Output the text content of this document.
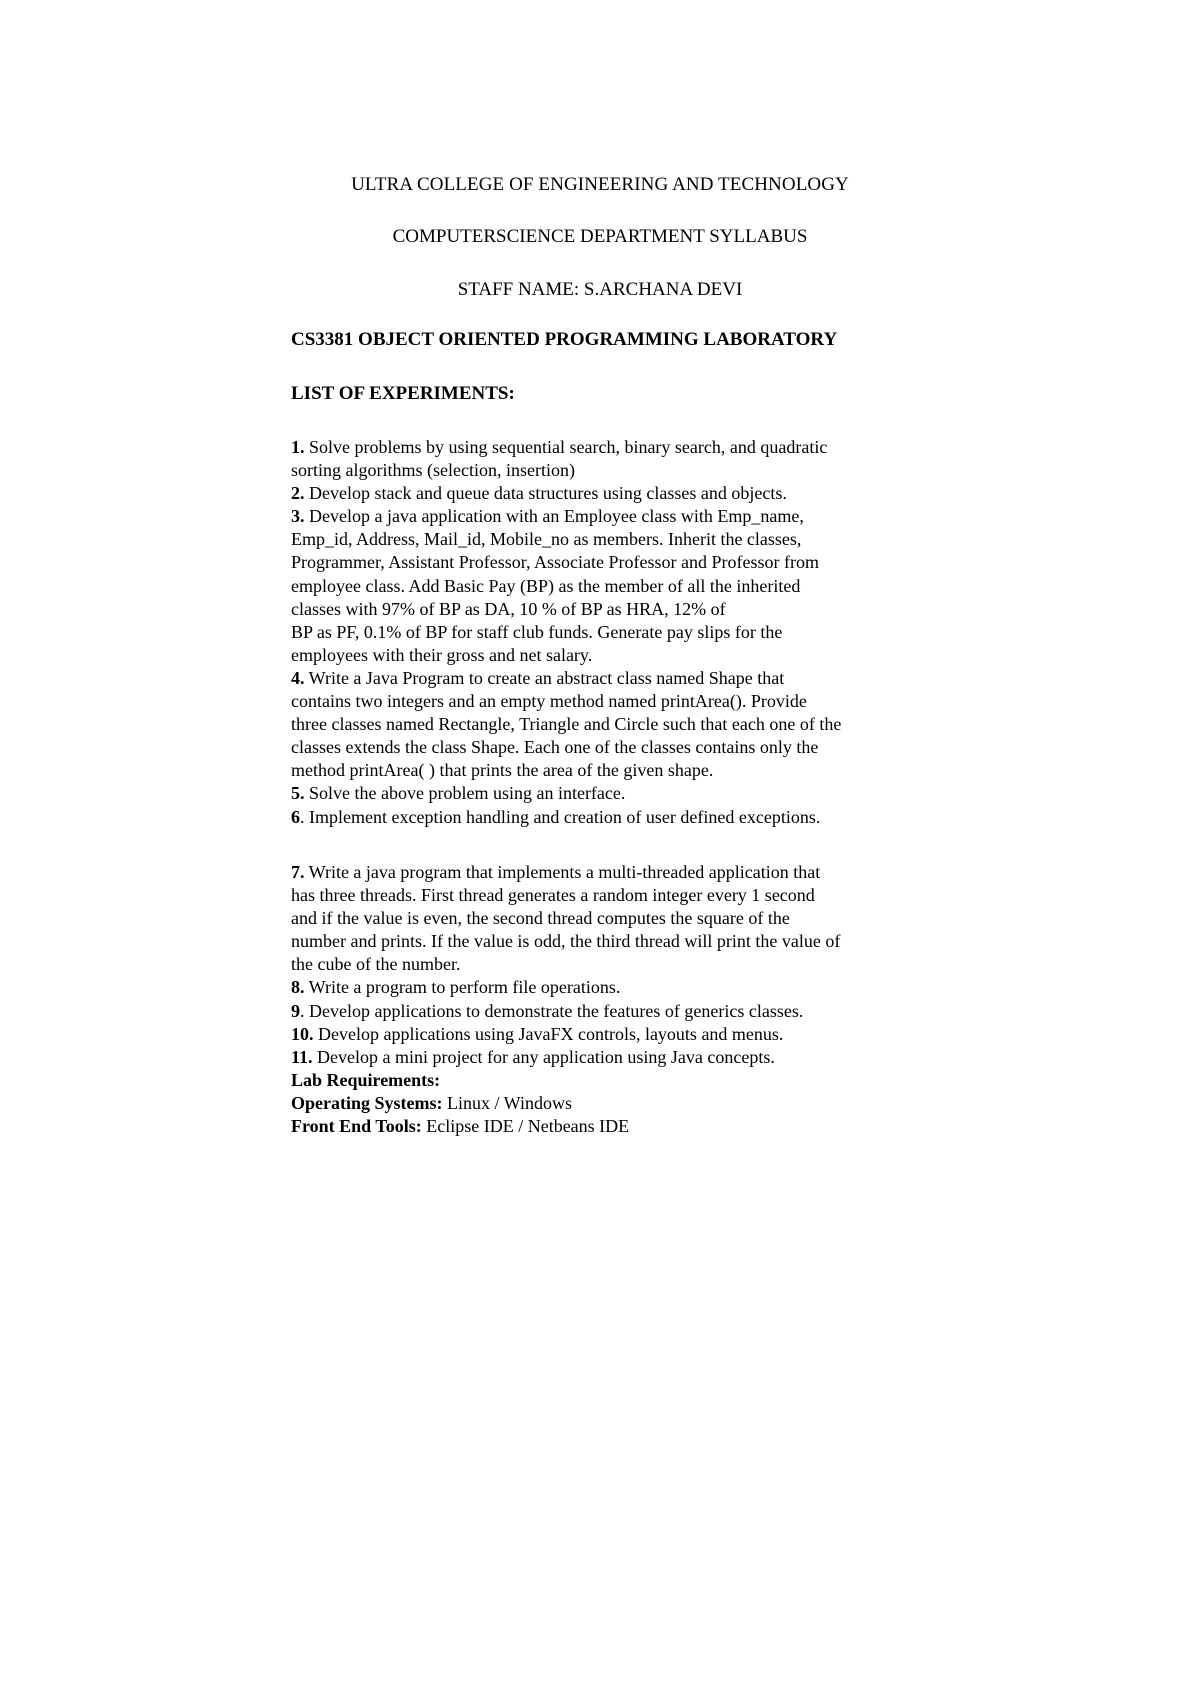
ULTRA COLLEGE OF ENGINEERING AND TECHNOLOGY
COMPUTERSCIENCE DEPARTMENT SYLLABUS
STAFF NAME: S.ARCHANA DEVI
CS3381 OBJECT ORIENTED PROGRAMMING LABORATORY
LIST OF EXPERIMENTS:
1. Solve problems by using sequential search, binary search, and quadratic
sorting algorithms (selection, insertion)
2. Develop stack and queue data structures using classes and objects.
3. Develop a java application with an Employee class with Emp_name,
Emp_id, Address, Mail_id, Mobile_no as members. Inherit the classes,
Programmer, Assistant Professor, Associate Professor and Professor from
employee class. Add Basic Pay (BP) as the member of all the inherited
classes with 97% of BP as DA, 10 % of BP as HRA, 12% of
BP as PF, 0.1% of BP for staff club funds. Generate pay slips for the
employees with their gross and net salary.
4. Write a Java Program to create an abstract class named Shape that
contains two integers and an empty method named printArea(). Provide
three classes named Rectangle, Triangle and Circle such that each one of the
classes extends the class Shape. Each one of the classes contains only the
method printArea( ) that prints the area of the given shape.
5. Solve the above problem using an interface.
6. Implement exception handling and creation of user defined exceptions.
7. Write a java program that implements a multi-threaded application that
has three threads. First thread generates a random integer every 1 second
and if the value is even, the second thread computes the square of the
number and prints. If the value is odd, the third thread will print the value of
the cube of the number.
8. Write a program to perform file operations.
9. Develop applications to demonstrate the features of generics classes.
10. Develop applications using JavaFX controls, layouts and menus.
11. Develop a mini project for any application using Java concepts.
Lab Requirements:
Operating Systems: Linux / Windows
Front End Tools: Eclipse IDE / Netbeans IDE
